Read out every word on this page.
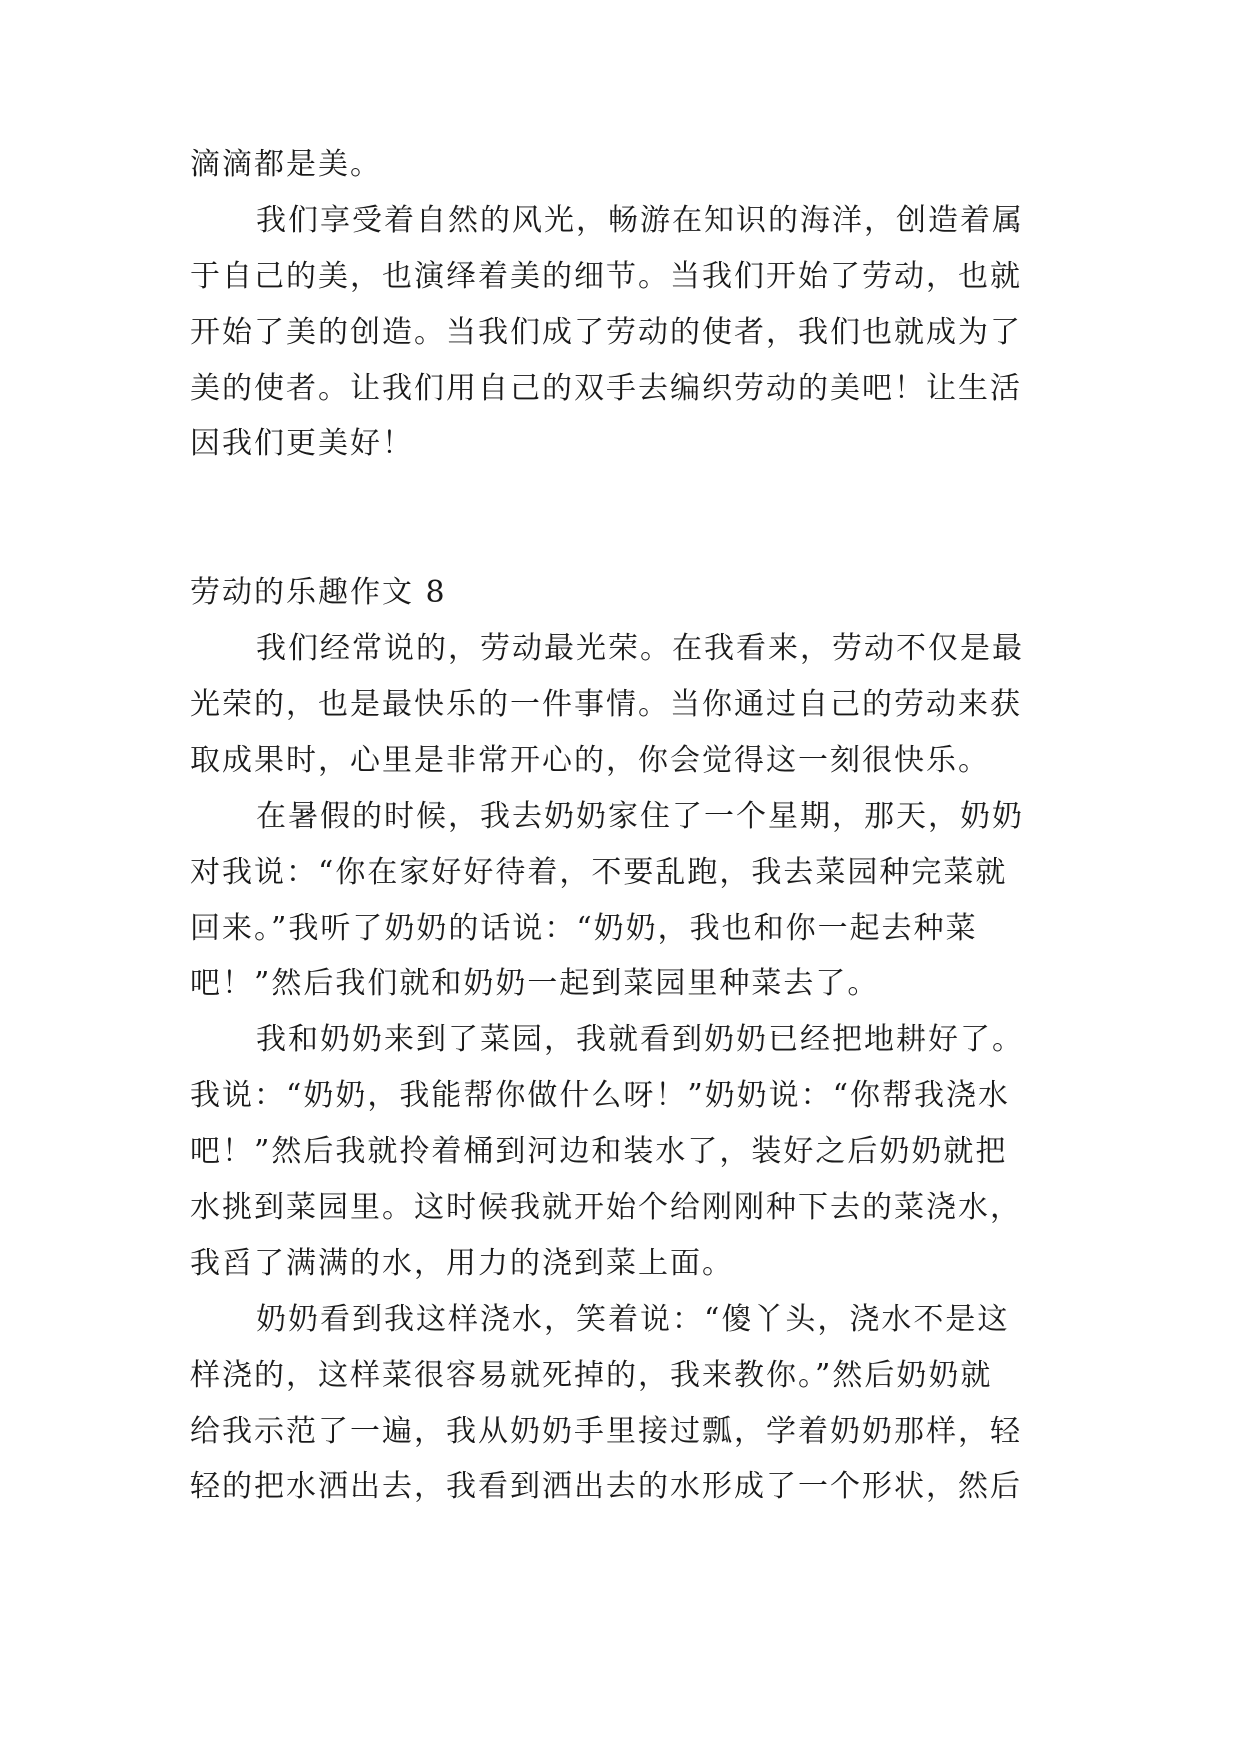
滴滴都是美。
我们享受着自然的风光，畅游在知识的海洋，创造着属
于自己的美，也演绎着美的细节。当我们开始了劳动，也就
开始了美的创造。当我们成了劳动的使者，我们也就成为了
美的使者。让我们用自己的双手去编织劳动的美吧！让生活
因我们更美好！
劳动的乐趣作文 8
我们经常说的，劳动最光荣。在我看来，劳动不仅是最
光荣的，也是最快乐的一件事情。当你通过自己的劳动来获
取成果时，心里是非常开心的，你会觉得这一刻很快乐。
在暑假的时候，我去奶奶家住了一个星期，那天，奶奶
对我说：“你在家好好待着，不要乱跑，我去菜园种完菜就
回来。”我听了奶奶的话说：“奶奶，我也和你一起去种菜
吧！”然后我们就和奶奶一起到菜园里种菜去了。
我和奶奶来到了菜园，我就看到奶奶已经把地耕好了。
我说：“奶奶，我能帮你做什么呀！”奶奶说：“你帮我浇水
吧！”然后我就拎着桶到河边和装水了，装好之后奶奶就把
水挑到菜园里。这时候我就开始个给刚刚种下去的菜浇水，
我舀了满满的水，用力的浇到菜上面。
奶奶看到我这样浇水，笑着说：“傻丫头，浇水不是这
样浇的，这样菜很容易就死掉的，我来教你。”然后奶奶就
给我示范了一遍，我从奶奶手里接过瓢，学着奶奶那样，轻
轻的把水洒出去，我看到洒出去的水形成了一个形状，然后
